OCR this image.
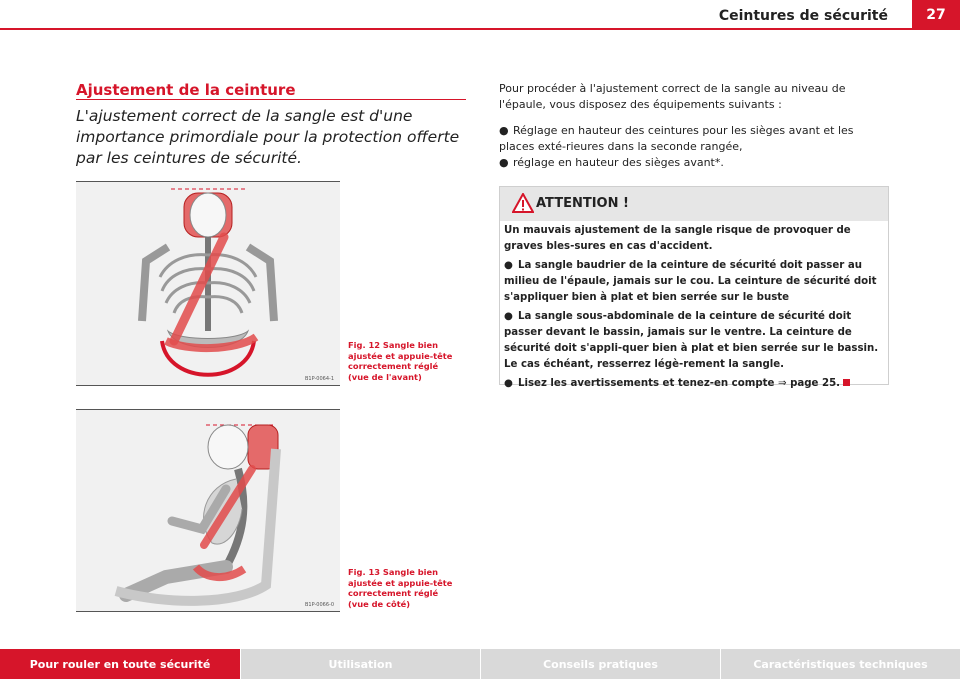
Ceintures de sécurité	27
Ajustement de la ceinture
L'ajustement correct de la sangle est d'une importance primordiale pour la protection offerte par les ceintures de sécurité.
B1P-0064-1
Fig. 12 Sangle bien ajustée et appuie-tête correctement réglé (vue de l'avant)
B1P-0066-0
Fig. 13 Sangle bien ajustée et appuie-tête correctement réglé (vue de côté)
Pour procéder à l'ajustement correct de la sangle au niveau de l'épaule, vous disposez des équipements suivants :
● Réglage en hauteur des ceintures pour les sièges avant et les places exté-rieures dans la seconde rangée,
● réglage en hauteur des sièges avant*.
ATTENTION !

Un mauvais ajustement de la sangle risque de provoquer de graves bles-sures en cas d'accident.

● La sangle baudrier de la ceinture de sécurité doit passer au milieu de l'épaule, jamais sur le cou. La ceinture de sécurité doit s'appliquer bien à plat et bien serrée sur le buste

● La sangle sous-abdominale de la ceinture de sécurité doit passer devant le bassin, jamais sur le ventre. La ceinture de sécurité doit s'appli-quer bien à plat et bien serrée sur le bassin. Le cas échéant, resserrez légè-rement la sangle.

● Lisez les avertissements et tenez-en compte ⇒ page 25.

Pour rouler en toute sécurité	Utilisation	Conseils pratiques	Caractéristiques techniques
